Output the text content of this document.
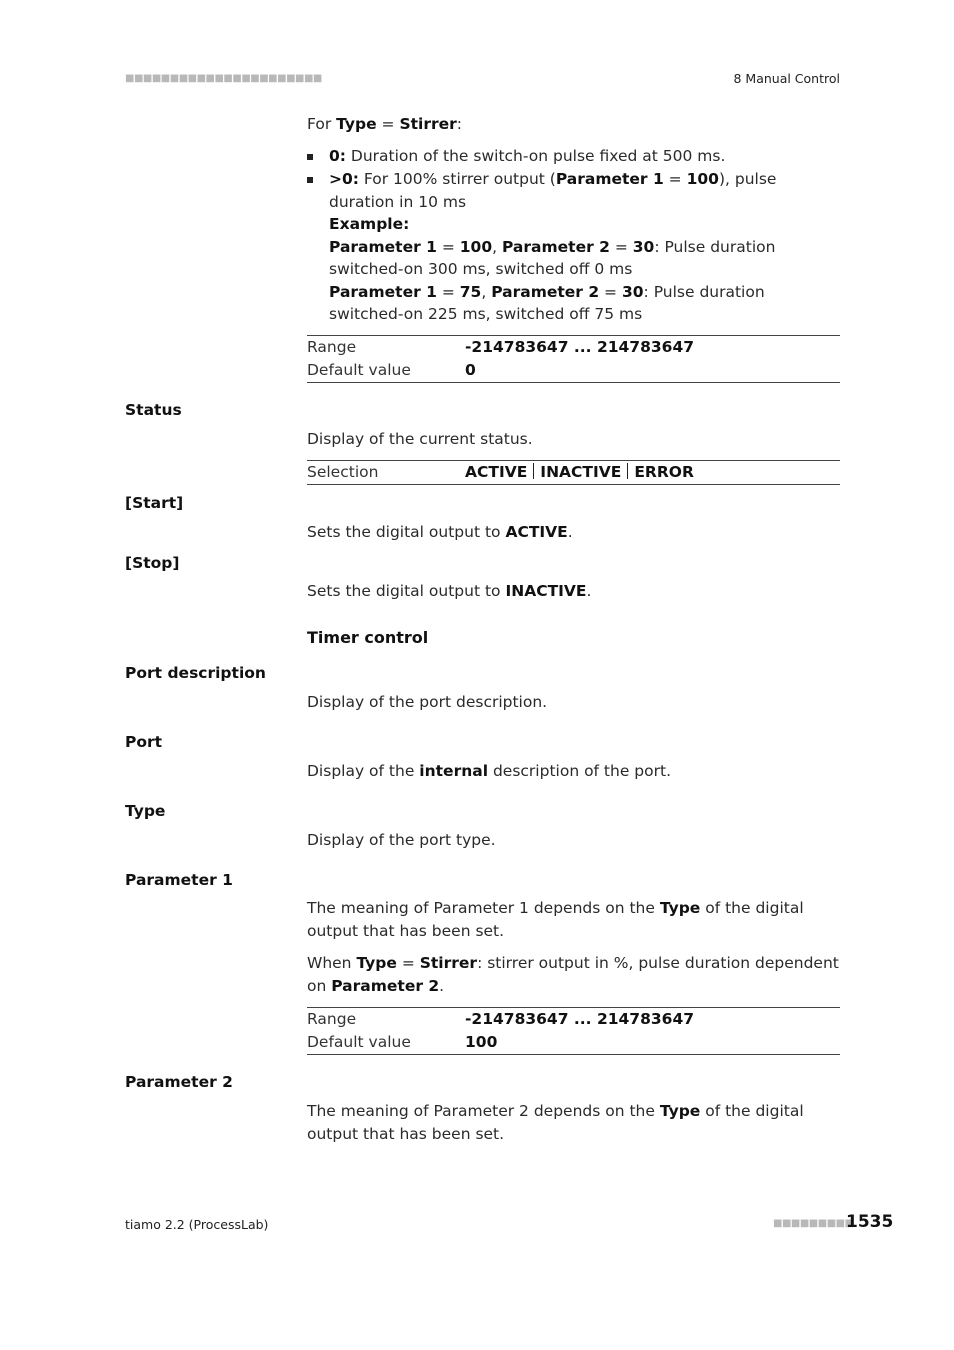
■■■■■■■■■■■■■■■■■■■■■■	8 Manual Control
For Type = Stirrer:
0: Duration of the switch-on pulse fixed at 500 ms.
>0: For 100% stirrer output (Parameter 1 = 100), pulse duration in 10 ms
Example:
Parameter 1 = 100, Parameter 2 = 30: Pulse duration switched-on 300 ms, switched off 0 ms
Parameter 1 = 75, Parameter 2 = 30: Pulse duration switched-on 225 ms, switched off 75 ms
Range	-214783647 ... 214783647
Default value	0
Status
Display of the current status.
Selection	ACTIVE INACTIVE ERROR
[Start]
Sets the digital output to ACTIVE.
[Stop]
Sets the digital output to INACTIVE.
Timer control
Port description
Display of the port description.
Port
Display of the internal description of the port.
Type
Display of the port type.
Parameter 1
The meaning of Parameter 1 depends on the Type of the digital output that has been set.
When Type = Stirrer: stirrer output in %, pulse duration dependent on Parameter 2.
Range	-214783647 ... 214783647
Default value	100
Parameter 2
The meaning of Parameter 2 depends on the Type of the digital output that has been set.
tiamo 2.2 (ProcessLab)	■■■■■■■■■
1535
